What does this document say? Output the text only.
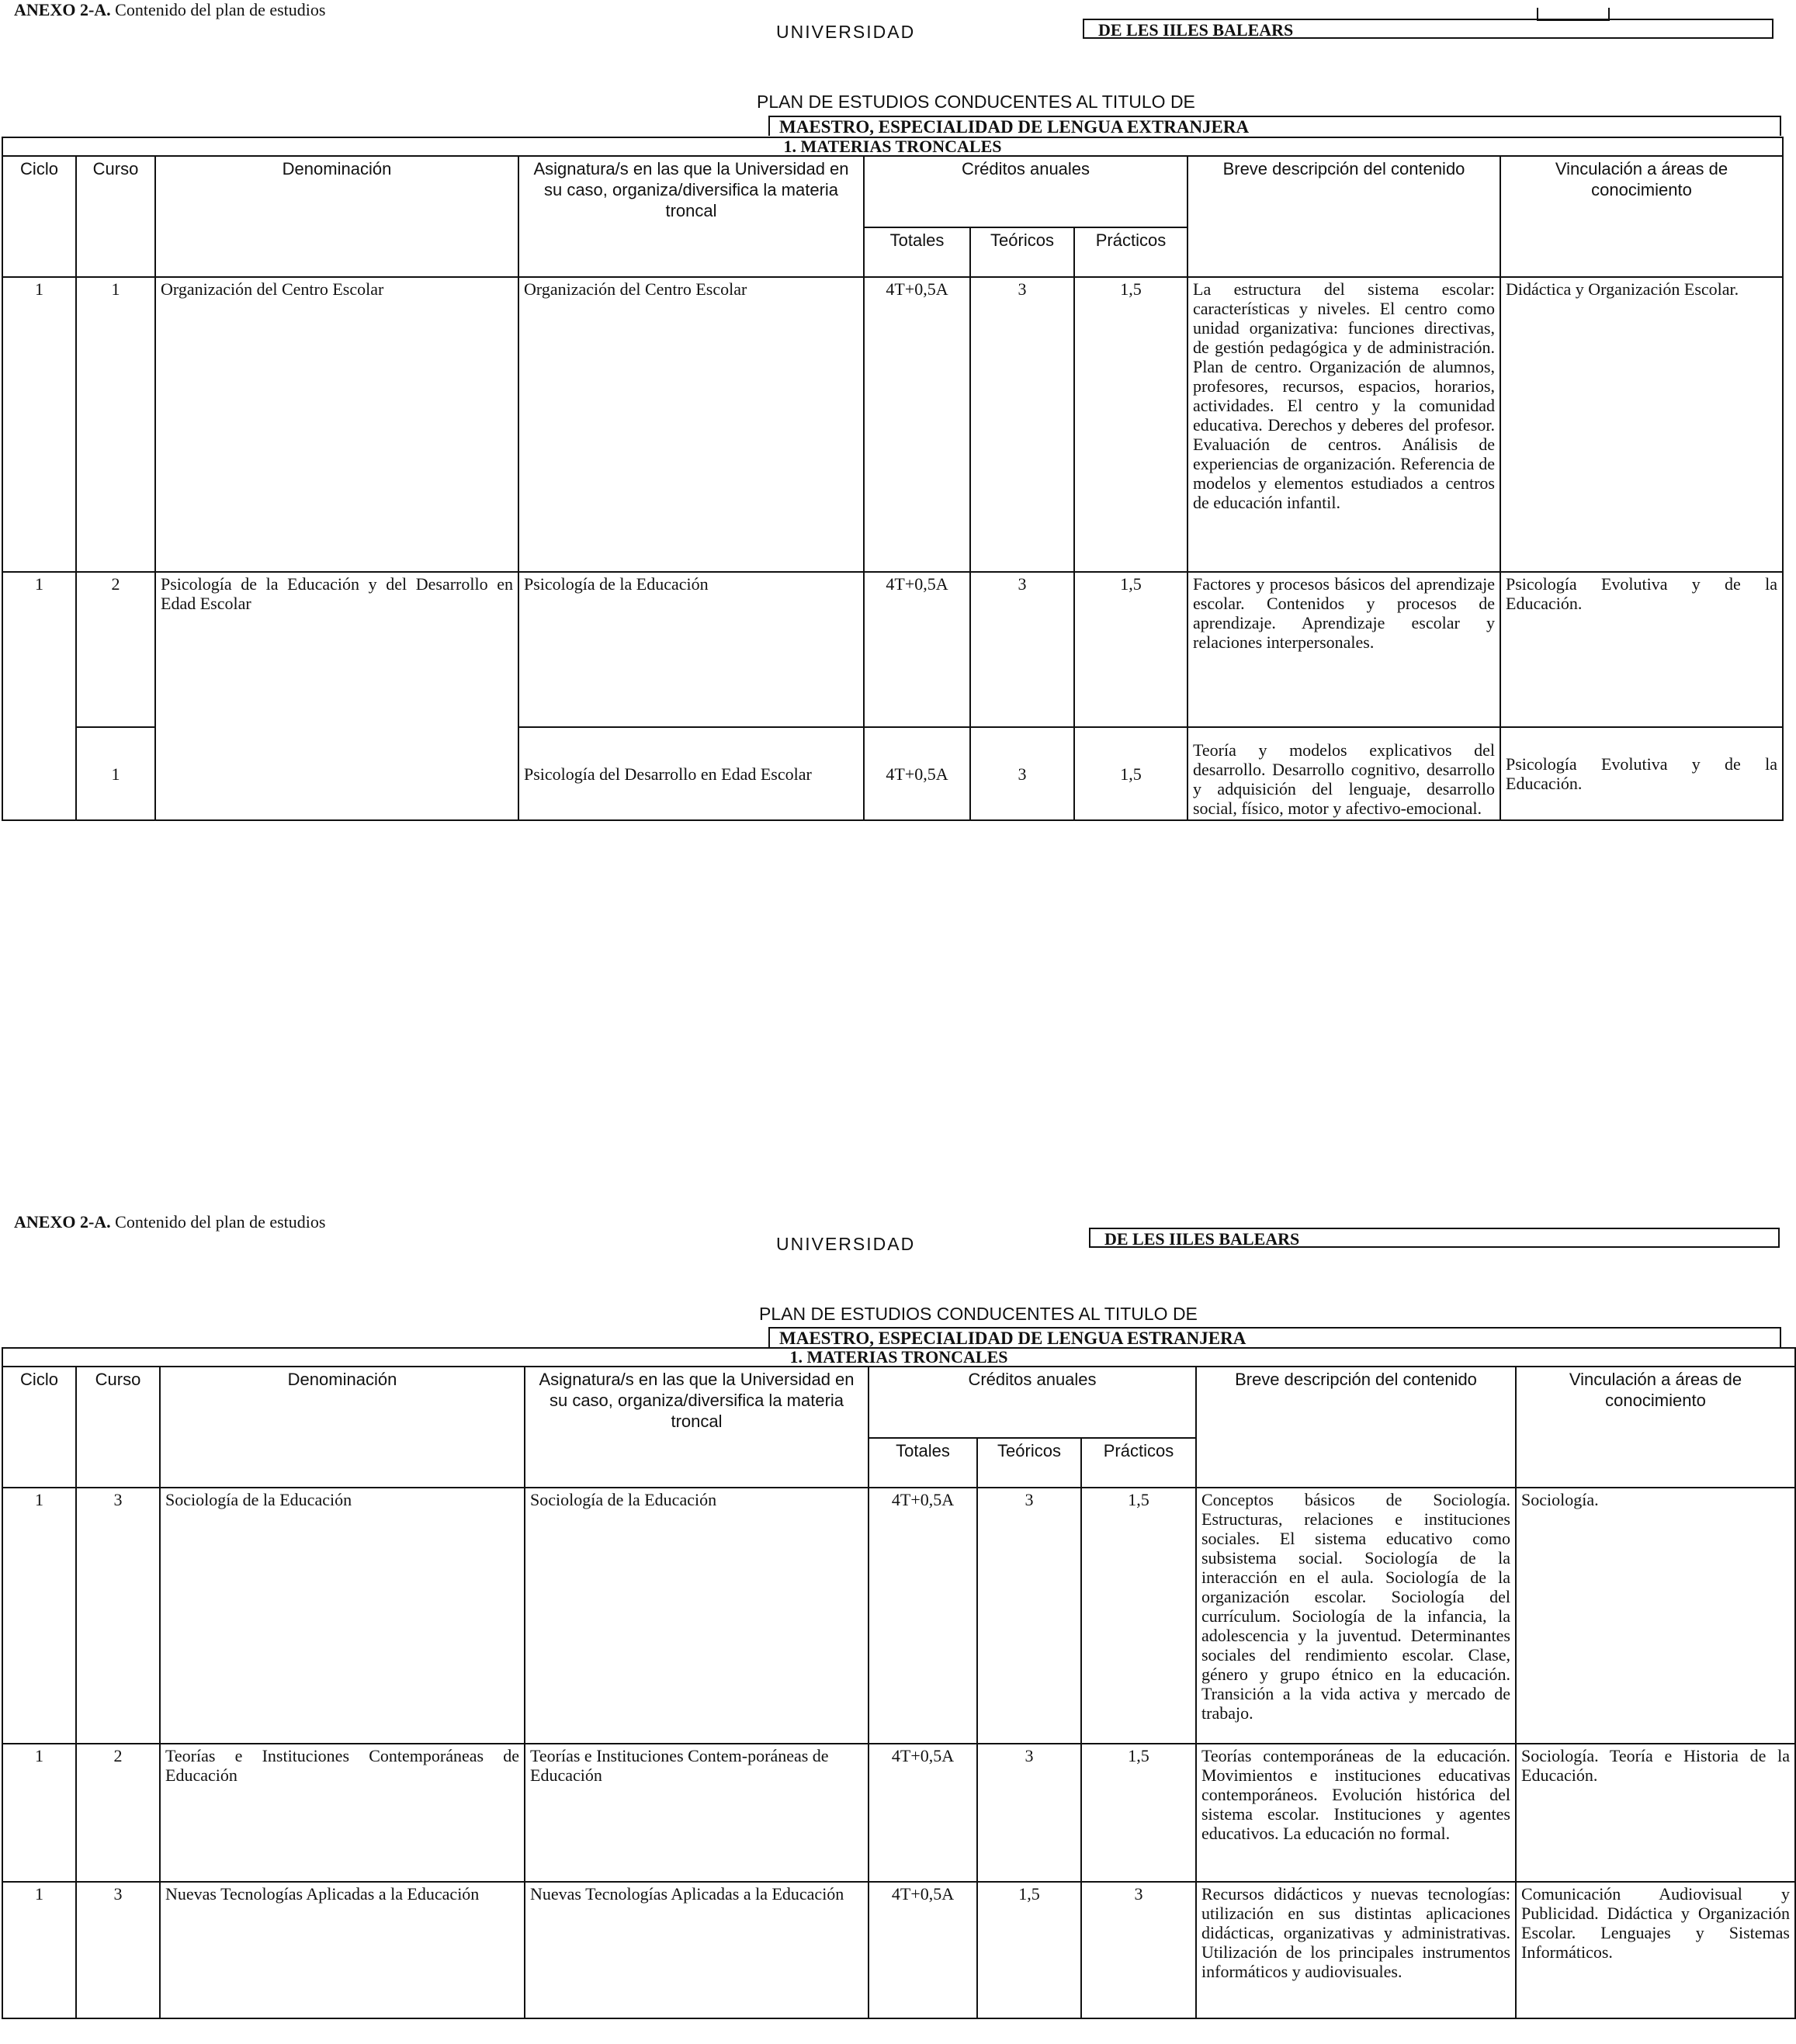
ANEXO 2-A. Contenido del plan de estudios
UNIVERSIDAD	DE LES IILES BALEARS
PLAN DE ESTUDIOS CONDUCENTES AL TITULO DE
MAESTRO, ESPECIALIDAD DE LENGUA EXTRANJERA
1. MATERIAS TRONCALES								
Ciclo	Curso	Denominación	Asignatura/s en las que la Universidad en su caso, organiza/diversifica la materia troncal	Créditos anuales			Breve descripción del contenido	Vinculación a áreas de conocimiento
				Totales	Teóricos	Prácticos		
1	1	Organización del Centro Escolar	Organización del Centro Escolar	4T+0,5A	3	1,5	La estructura del sistema escolar: características y niveles. El centro como unidad organizativa: funciones directivas, de gestión pedagógica y de administración. Plan de centro. Organización de alumnos, profesores, recursos, espacios, horarios, actividades. El centro y la comunidad educativa. Derechos y deberes del profesor. Evaluación de centros. Análisis de experiencias de organización. Referencia de modelos y elementos estudiados a centros de educación infantil.	Didáctica y Organización Escolar.
1	2	Psicología de la Educación y del Desarrollo en Edad Escolar	Psicología de la Educación	4T+0,5A	3	1,5	Factores y procesos básicos del aprendizaje escolar. Contenidos y procesos de aprendizaje. Aprendizaje escolar y relaciones interpersonales.	Psicología Evolutiva y de la Educación.
	1		Psicología del Desarrollo en Edad Escolar	4T+0,5A	3	1,5	Teoría y modelos explicativos del desarrollo. Desarrollo cognitivo, desarrollo y adquisición del lenguaje, desarrollo social, físico, motor y afectivo-emocional.	Psicología Evolutiva y de la Educación.
ANEXO 2-A. Contenido del plan de estudios
UNIVERSIDAD	DE LES IILES BALEARS
PLAN DE ESTUDIOS CONDUCENTES AL TITULO DE
MAESTRO, ESPECIALIDAD DE LENGUA ESTRANJERA
1. MATERIAS TRONCALES								
Ciclo	Curso	Denominación	Asignatura/s en las que la Universidad en su caso, organiza/diversifica la materia troncal	Créditos anuales			Breve descripción del contenido	Vinculación a áreas de conocimiento
				Totales	Teóricos	Prácticos		
1	3	Sociología de la Educación	Sociología de la Educación	4T+0,5A	3	1,5	Conceptos básicos de Sociología. Estructuras, relaciones e instituciones sociales. El sistema educativo como subsistema social. Sociología de la interacción en el aula. Sociología de la organización escolar. Sociología del currículum. Sociología de la infancia, la adolescencia y la juventud. Determinantes sociales del rendimiento escolar. Clase, género y grupo étnico en la educación. Transición a la vida activa y mercado de trabajo.	Sociología.
1	2	Teorías e Instituciones Contemporáneas de Educación	Teorías e Instituciones Contem-poráneas de Educación	4T+0,5A	3	1,5	Teorías contemporáneas de la educación. Movimientos e instituciones educativas contemporáneos. Evolución histórica del sistema escolar. Instituciones y agentes educativos. La educación no formal.	Sociología. Teoría e Historia de la Educación.
1	3	Nuevas Tecnologías Aplicadas a la Educación	Nuevas Tecnologías Aplicadas a la Educación	4T+0,5A	1,5	3	Recursos didácticos y nuevas tecnologías: utilización en sus distintas aplicaciones didácticas, organizativas y administrativas. Utilización de los principales instrumentos informáticos y audiovisuales.	Comunicación Audiovisual y Publicidad. Didáctica y Organización Escolar. Lenguajes y Sistemas Informáticos.
